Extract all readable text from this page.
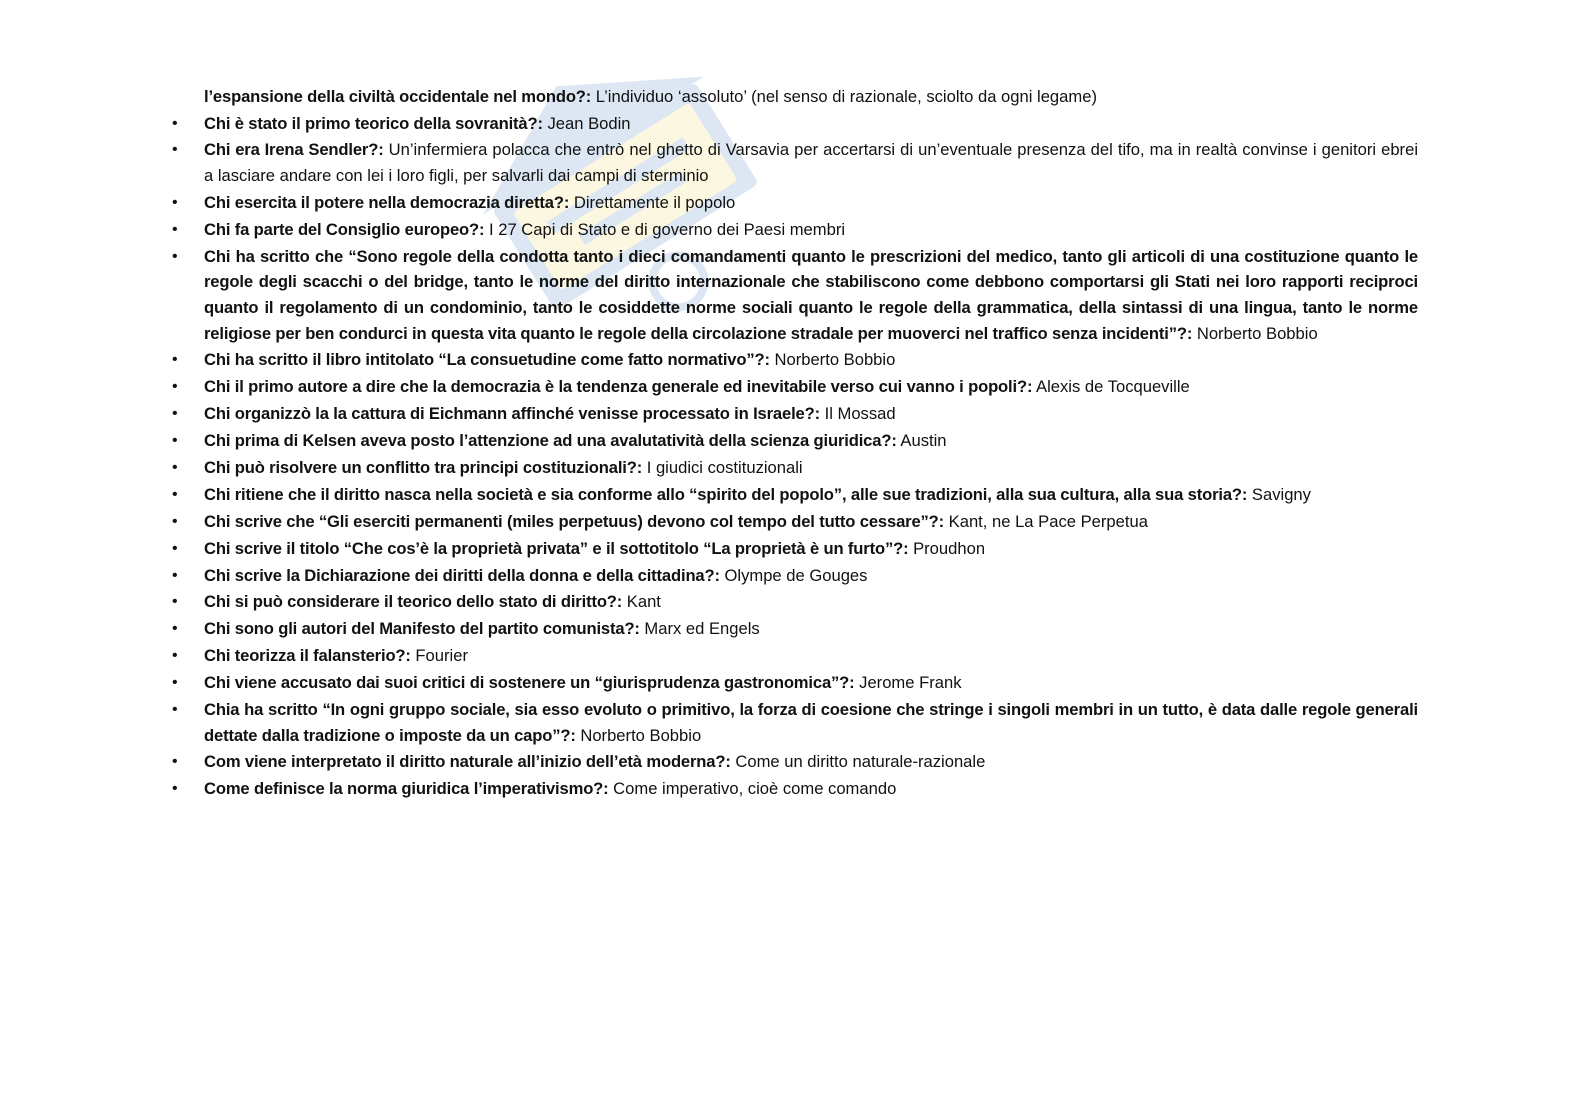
l’espansione della civiltà occidentale nel mondo?: L’individuo ‘assoluto’ (nel senso di razionale, sciolto da ogni legame)

•	Chi è stato il primo teorico della sovranità?: Jean Bodin
•	Chi era Irena Sendler?: Un’infermiera polacca che entrò nel ghetto di Varsavia per accertarsi di un’eventuale presenza del tifo, ma in realtà convinse i genitori ebrei a lasciare andare con lei i loro figli, per salvarli dai campi di sterminio
•	Chi esercita il potere nella democrazia diretta?: Direttamente il popolo
•	Chi fa parte del Consiglio europeo?: I 27 Capi di Stato e di governo dei Paesi membri
•	Chi ha scritto che “Sono regole della condotta tanto i dieci comandamenti quanto le prescrizioni del medico, tanto gli articoli di una costituzione quanto le regole degli scacchi o del bridge, tanto le norme del diritto internazionale che stabiliscono come debbono comportarsi gli Stati nei loro rapporti reciproci quanto il regolamento di un condominio, tanto le cosiddette norme sociali quanto le regole della grammatica, della sintassi di una lingua, tanto le norme religiose per ben condurci in questa vita quanto le regole della circolazione stradale per muoverci nel traffico senza incidenti”?: Norberto Bobbio
•	Chi ha scritto il libro intitolato “La consuetudine come fatto normativo”?: Norberto Bobbio
•	Chi il primo autore a dire che la democrazia è la tendenza generale ed inevitabile verso cui vanno i popoli?: Alexis de Tocqueville
•	Chi organizzò la la cattura di Eichmann affinché venisse processato in Israele?: Il Mossad
•	Chi prima di Kelsen aveva posto l’attenzione ad una avalutatività della scienza giuridica?: Austin
•	Chi può risolvere un conflitto tra principi costituzionali?: I giudici costituzionali
•	Chi ritiene che il diritto nasca nella società e sia conforme allo “spirito del popolo”, alle sue tradizioni, alla sua cultura, alla sua storia?: Savigny
•	Chi scrive che “Gli eserciti permanenti (miles perpetuus) devono col tempo del tutto cessare”?: Kant, ne La Pace Perpetua
•	Chi scrive il titolo “Che cos’è la proprietà privata” e il sottotitolo “La proprietà è un furto”?: Proudhon
•	Chi scrive la Dichiarazione dei diritti della donna e della cittadina?: Olympe de Gouges
•	Chi si può considerare il teorico dello stato di diritto?: Kant
•	Chi sono gli autori del Manifesto del partito comunista?: Marx ed Engels
•	Chi teorizza il falansterio?: Fourier
•	Chi viene accusato dai suoi critici di sostenere un “giurisprudenza gastronomica”?: Jerome Frank
•	Chia ha scritto “In ogni gruppo sociale, sia esso evoluto o primitivo, la forza di coesione che stringe i singoli membri in un tutto, è data dalle regole generali dettate dalla tradizione o imposte da un capo”?: Norberto Bobbio
•	Com viene interpretato il diritto naturale all’inizio dell’età moderna?: Come un diritto naturale-razionale
•	Come definisce la norma giuridica l’imperativismo?: Come imperativo, cioè come comando
